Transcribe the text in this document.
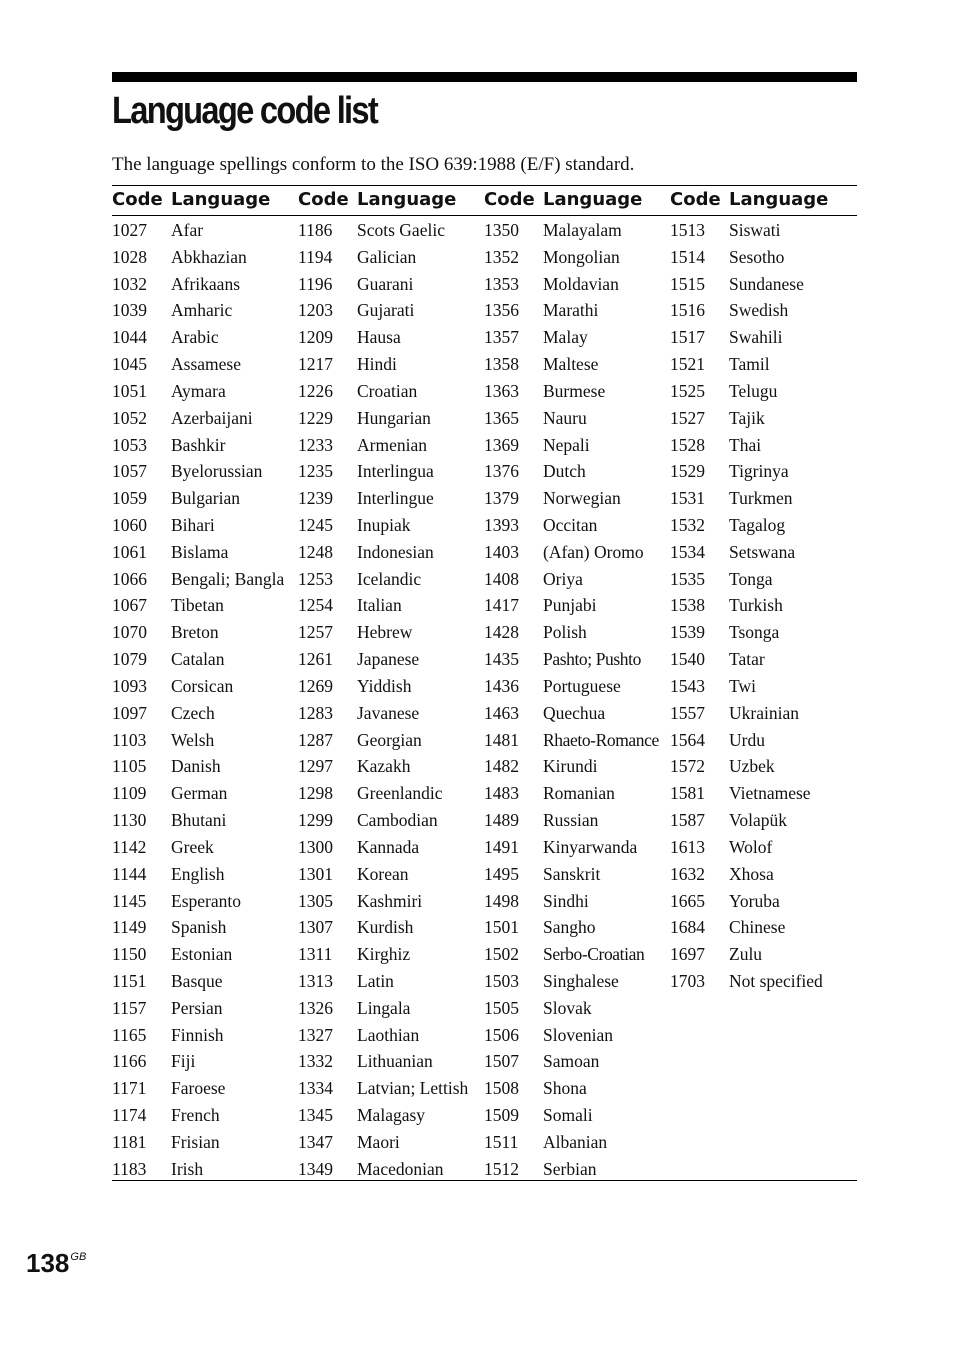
Language code list

The language spellings conform to the ISO 639:1988 (E/F) standard.

Code Language
1027 Afar
1028 Abkhazian
1032 Afrikaans
1039 Amharic
1044 Arabic
1045 Assamese
1051 Aymara
1052 Azerbaijani
1053 Bashkir
1057 Byelorussian
1059 Bulgarian
1060 Bihari
1061 Bislama
1066 Bengali; Bangla
1067 Tibetan
1070 Breton
1079 Catalan
1093 Corsican
1097 Czech
1103 Welsh
1105 Danish
1109 German
1130 Bhutani
1142 Greek
1144 English
1145 Esperanto
1149 Spanish
1150 Estonian
1151 Basque
1157 Persian
1165 Finnish
1166 Fiji
1171 Faroese
1174 French
1181 Frisian
1183 Irish
Code Language
1186 Scots Gaelic
1194 Galician
1196 Guarani
1203 Gujarati
1209 Hausa
1217 Hindi
1226 Croatian
1229 Hungarian
1233 Armenian
1235 Interlingua
1239 Interlingue
1245 Inupiak
1248 Indonesian
1253 Icelandic
1254 Italian
1257 Hebrew
1261 Japanese
1269 Yiddish
1283 Javanese
1287 Georgian
1297 Kazakh
1298 Greenlandic
1299 Cambodian
1300 Kannada
1301 Korean
1305 Kashmiri
1307 Kurdish
1311 Kirghiz
1313 Latin
1326 Lingala
1327 Laothian
1332 Lithuanian
1334 Latvian; Lettish
1345 Malagasy
1347 Maori
1349 Macedonian
Code Language
1350 Malayalam
1352 Mongolian
1353 Moldavian
1356 Marathi
1357 Malay
1358 Maltese
1363 Burmese
1365 Nauru
1369 Nepali
1376 Dutch
1379 Norwegian
1393 Occitan
1403 (Afan) Oromo
1408 Oriya
1417 Punjabi
1428 Polish
1435 Pashto; Pushto
1436 Portuguese
1463 Quechua
1481 Rhaeto-Romance
1482 Kirundi
1483 Romanian
1489 Russian
1491 Kinyarwanda
1495 Sanskrit
1498 Sindhi
1501 Sangho
1502 Serbo-Croatian
1503 Singhalese
1505 Slovak
1506 Slovenian
1507 Samoan
1508 Shona
1509 Somali
1511 Albanian
1512 Serbian
Code Language
1513 Siswati
1514 Sesotho
1515 Sundanese
1516 Swedish
1517 Swahili
1521 Tamil
1525 Telugu
1527 Tajik
1528 Thai
1529 Tigrinya
1531 Turkmen
1532 Tagalog
1534 Setswana
1535 Tonga
1538 Turkish
1539 Tsonga
1540 Tatar
1543 Twi
1557 Ukrainian
1564 Urdu
1572 Uzbek
1581 Vietnamese
1587 Volapük
1613 Wolof
1632 Xhosa
1665 Yoruba
1684 Chinese
1697 Zulu
1703 Not specified
$138^{GB}$
